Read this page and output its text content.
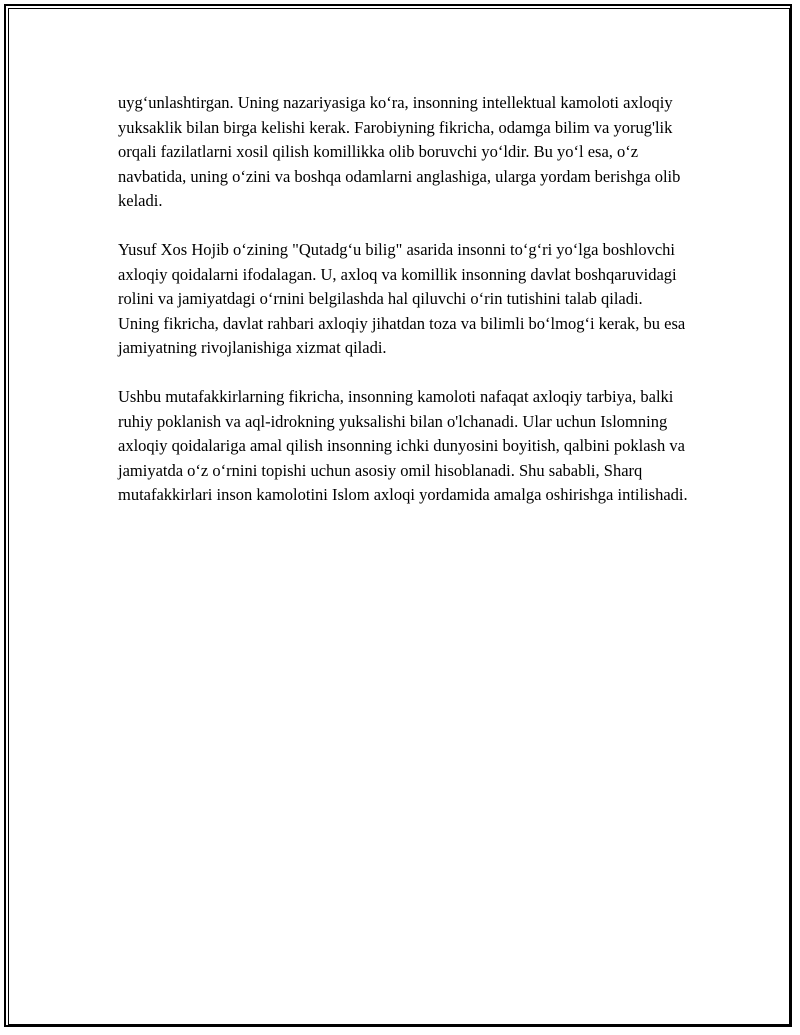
uyg‘unlashtirgan. Uning nazariyasiga ko‘ra, insonning intellektual kamoloti axloqiy yuksaklik bilan birga kelishi kerak. Farobiyning fikricha, odamga bilim va yorug'lik orqali fazilatlarni xosil qilish komillikka olib boruvchi yo‘ldir. Bu yo‘l esa, o‘z navbatida, uning o‘zini va boshqa odamlarni anglashiga, ularga yordam berishga olib keladi.

Yusuf Xos Hojib o‘zining "Qutadg‘u bilig" asarida insonni to‘g‘ri yo‘lga boshlovchi axloqiy qoidalarni ifodalagan. U, axloq va komillik insonning davlat boshqaruvidagi rolini va jamiyatdagi o‘rnini belgilashda hal qiluvchi o‘rin tutishini talab qiladi. Uning fikricha, davlat rahbari axloqiy jihatdan toza va bilimli bo‘lmog‘i kerak, bu esa jamiyatning rivojlanishiga xizmat qiladi.

Ushbu mutafakkirlarning fikricha, insonning kamoloti nafaqat axloqiy tarbiya, balki ruhiy poklanish va aql-idrokning yuksalishi bilan o'lchanadi. Ular uchun Islomning axloqiy qoidalariga amal qilish insonning ichki dunyosini boyitish, qalbini poklash va jamiyatda o‘z o‘rnini topishi uchun asosiy omil hisoblanadi. Shu sababli, Sharq mutafakkirlari inson kamolotini Islom axloqi yordamida amalga oshirishga intilishadi.
